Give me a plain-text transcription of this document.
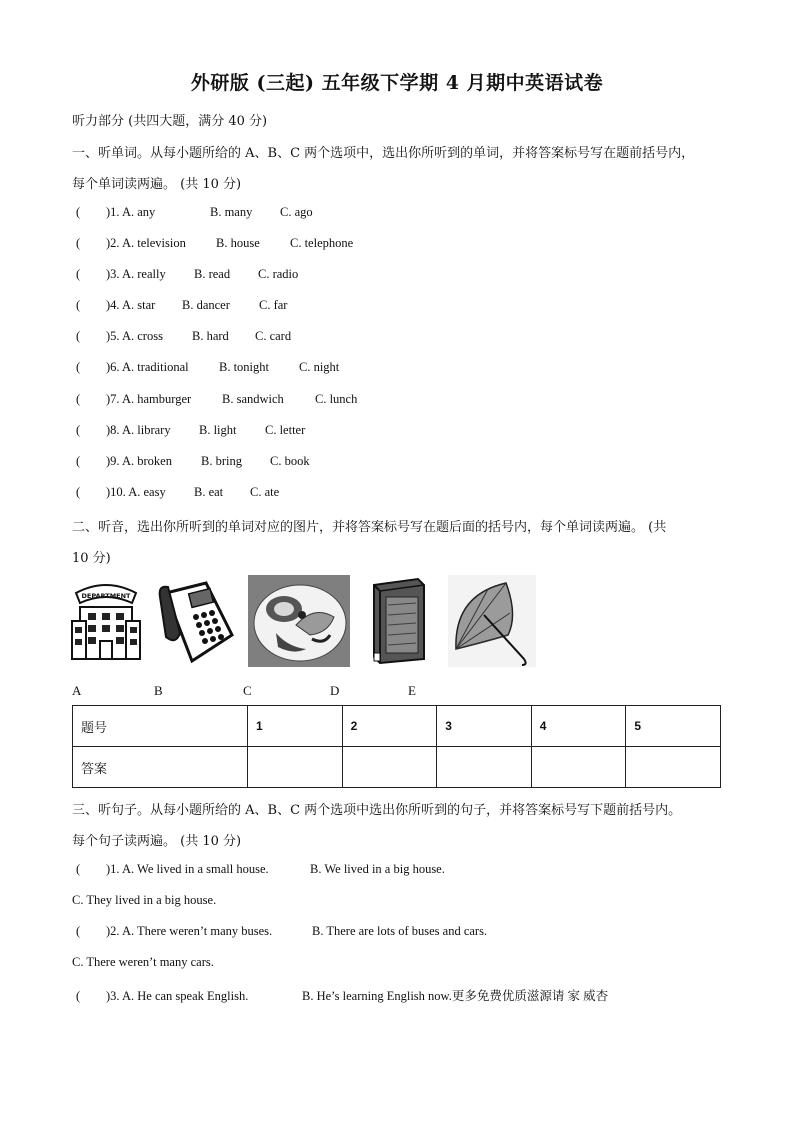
外研版 (三起) 五年级下学期 4 月期中英语试卷
听力部分 (共四大题，满分 40 分)
一、听单词。从每小题所给的 A、B、C 两个选项中，选出你所听到的单词，并将答案标号写在题前括号内，
每个单词读两遍。 (共 10 分)
( )1. A. any	B. many C. ago
( )2. A. television B. house C. telephone
( )3. A. really B. read C. radio
( )4. A. star B. dancer C. far
( )5. A. cross B. hard C. card
( )6. A. traditional B. tonight C. night
( )7. A. hamburger B. sandwich C. lunch
( )8. A. library B. light C. letter
( )9. A. broken B. bring C. book
( )10. A. easy B. eat C. ate
二、听音，选出你所听到的单词对应的图片，并将答案标号写在题后面的括号内，每个单词读两遍。 (共
10 分)
DEPARTMENT
A	B	C	D	E
题号	1	2	3	4	5
答案					
三、听句子。从每小题所给的 A、B、C 两个选项中选出你所听到的句子，并将答案标号写下题前括号内。
每个句子读两遍。 (共 10 分)
( )1. A. We lived in a small house.	B. We lived in a big house.
C. They lived in a big house.
( )2. A. There weren’t many buses.	B. There are lots of buses and cars.
C. There weren’t many cars.
( )3. A. He can speak English.	B. He’s learning English now.更多免费优质滋源请 家 威杏
